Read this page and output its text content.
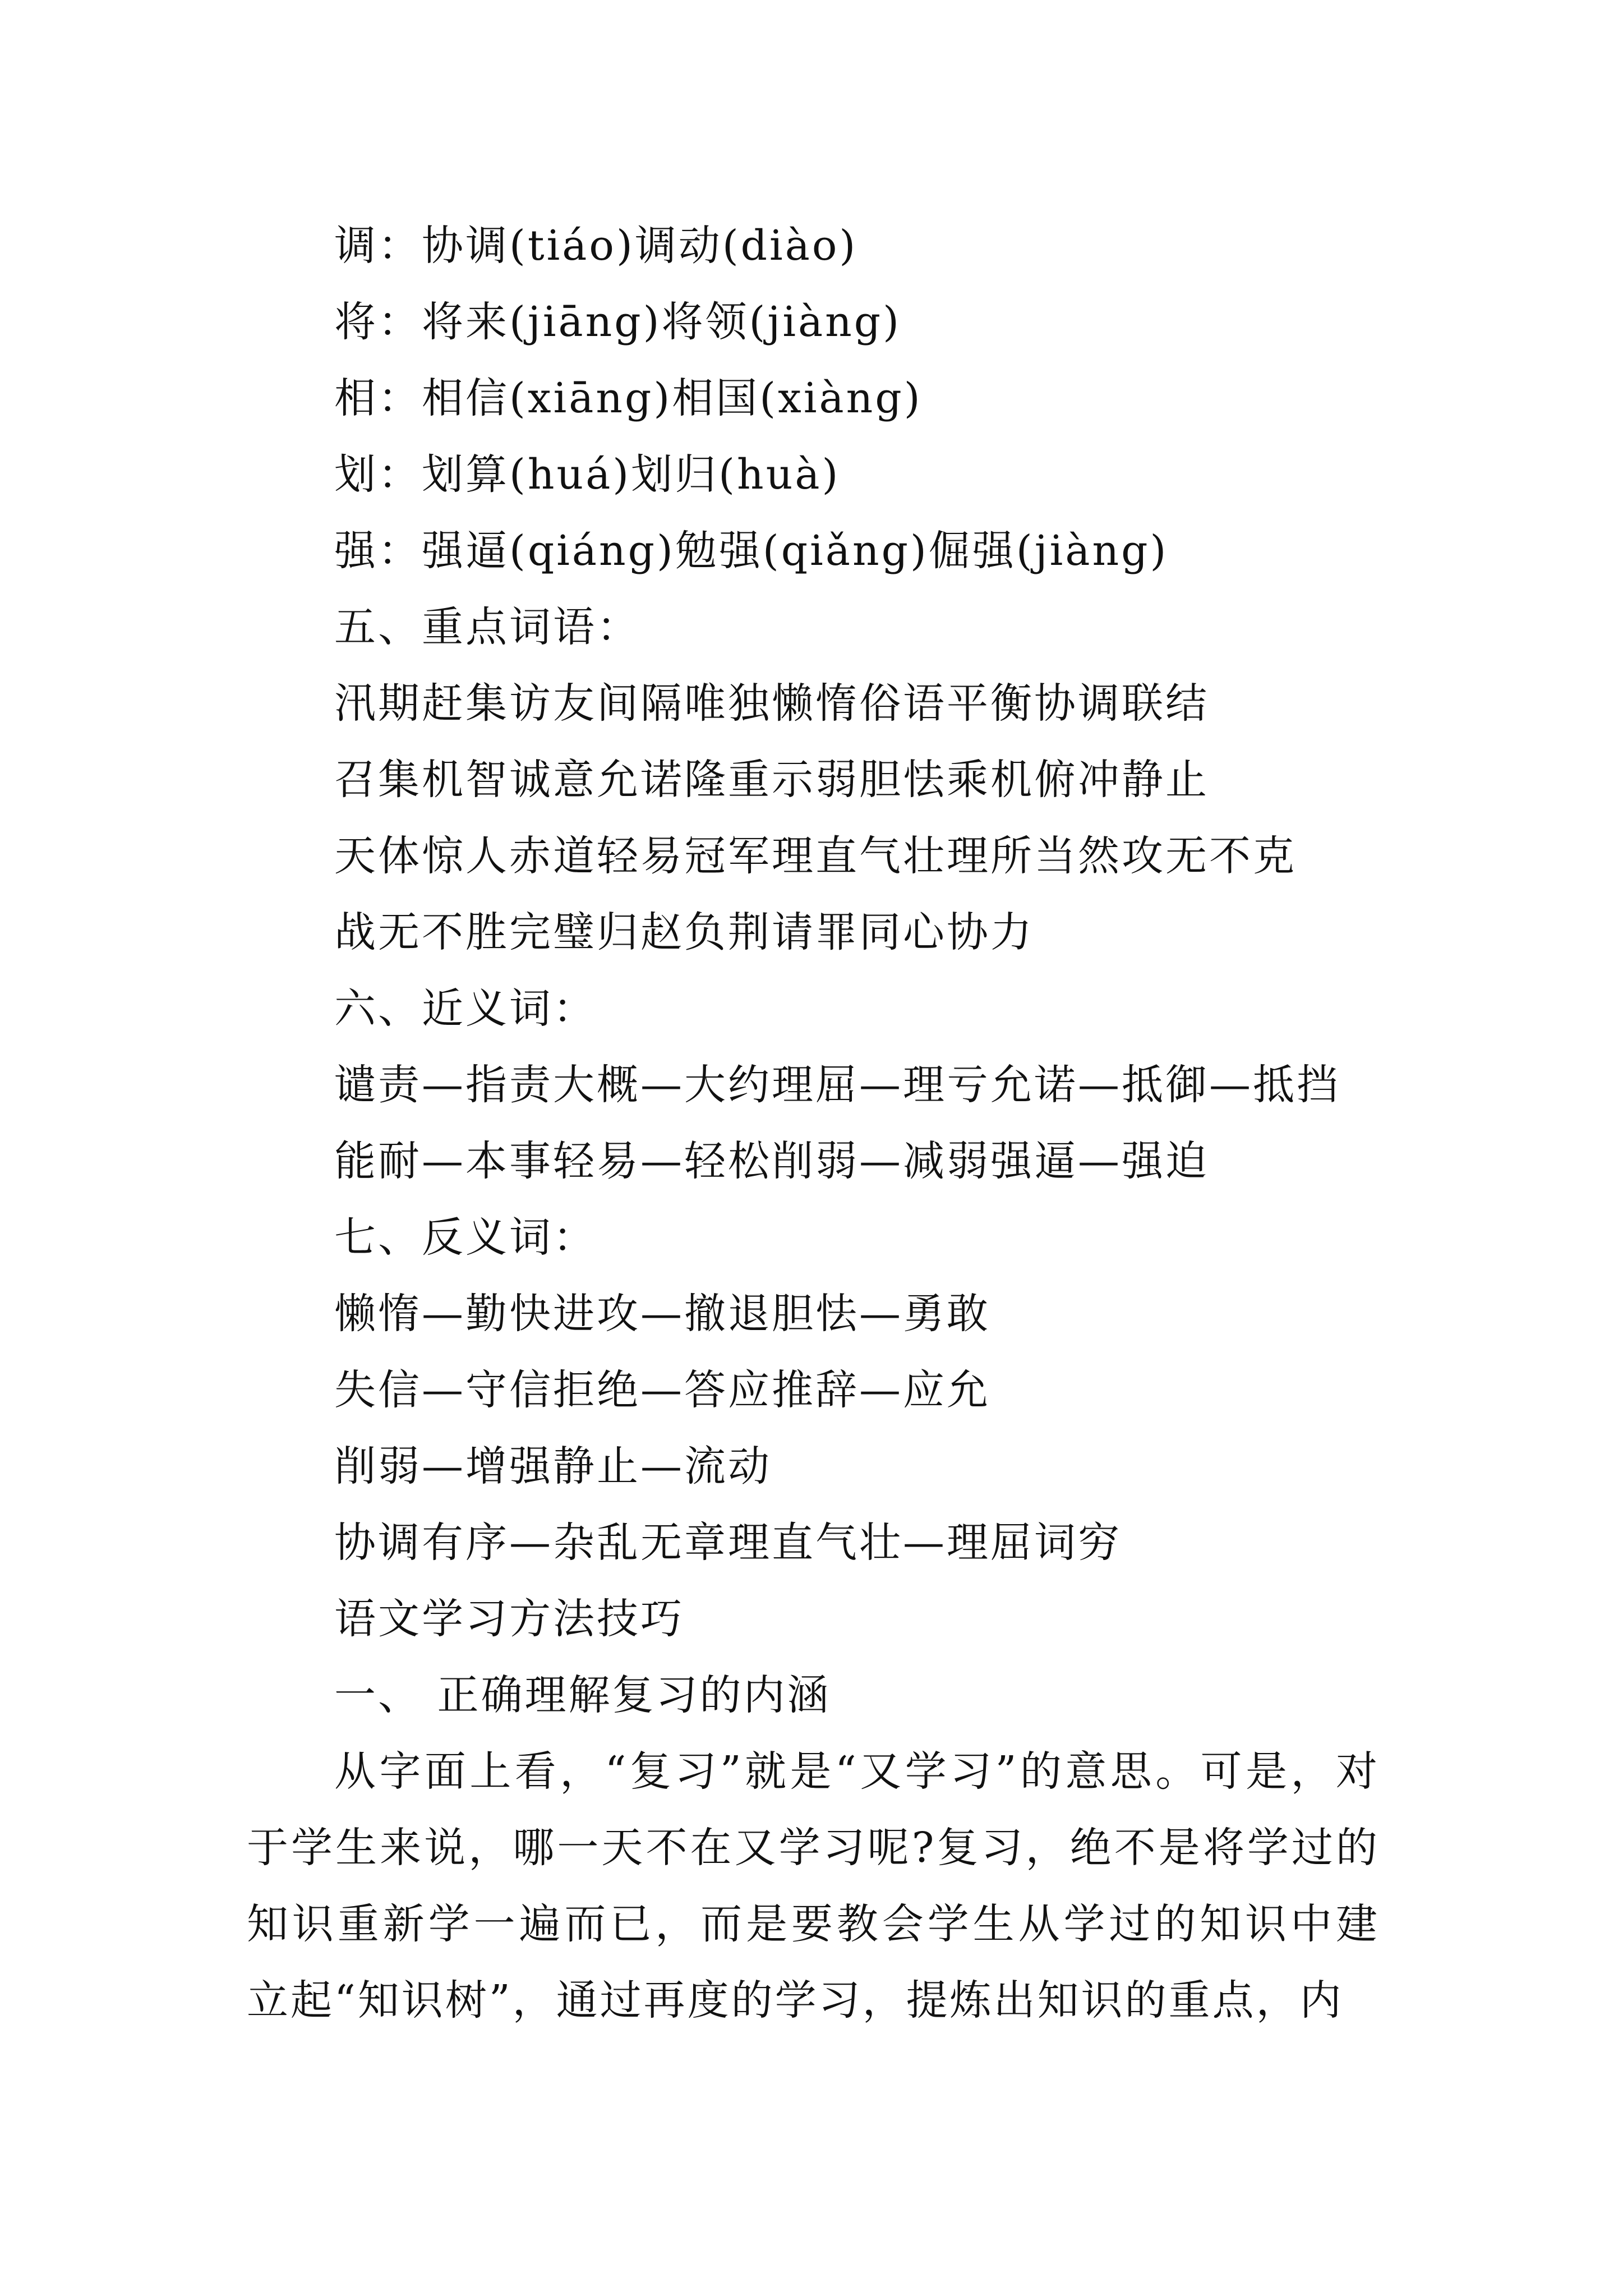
调：协调(tiáo)调动(diào)
将：将来(jiāng)将领(jiàng)
相：相信(xiāng)相国(xiàng)
划：划算(huá)划归(huà)
强：强逼(qiáng)勉强(qiǎng)倔强(jiàng)
五、重点词语：
汛期赶集访友间隔唯独懒惰俗语平衡协调联结
召集机智诚意允诺隆重示弱胆怯乘机俯冲静止
天体惊人赤道轻易冠军理直气壮理所当然攻无不克
战无不胜完璧归赵负荆请罪同心协力
六、近义词：
谴责—指责大概—大约理屈—理亏允诺—抵御—抵挡
能耐—本事轻易—轻松削弱—减弱强逼—强迫
七、反义词：
懒惰—勤快进攻—撤退胆怯—勇敢
失信—守信拒绝—答应推辞—应允
削弱—增强静止—流动
协调有序—杂乱无章理直气壮—理屈词穷
语文学习方法技巧
一、 正确理解复习的内涵

从字面上看，“复习”就是“又学习”的意思。可是，对于学生来说，哪一天不在又学习呢?复习，绝不是将学过的知识重新学一遍而已，而是要教会学生从学过的知识中建立起“知识树”，通过再度的学习，提炼出知识的重点，内
